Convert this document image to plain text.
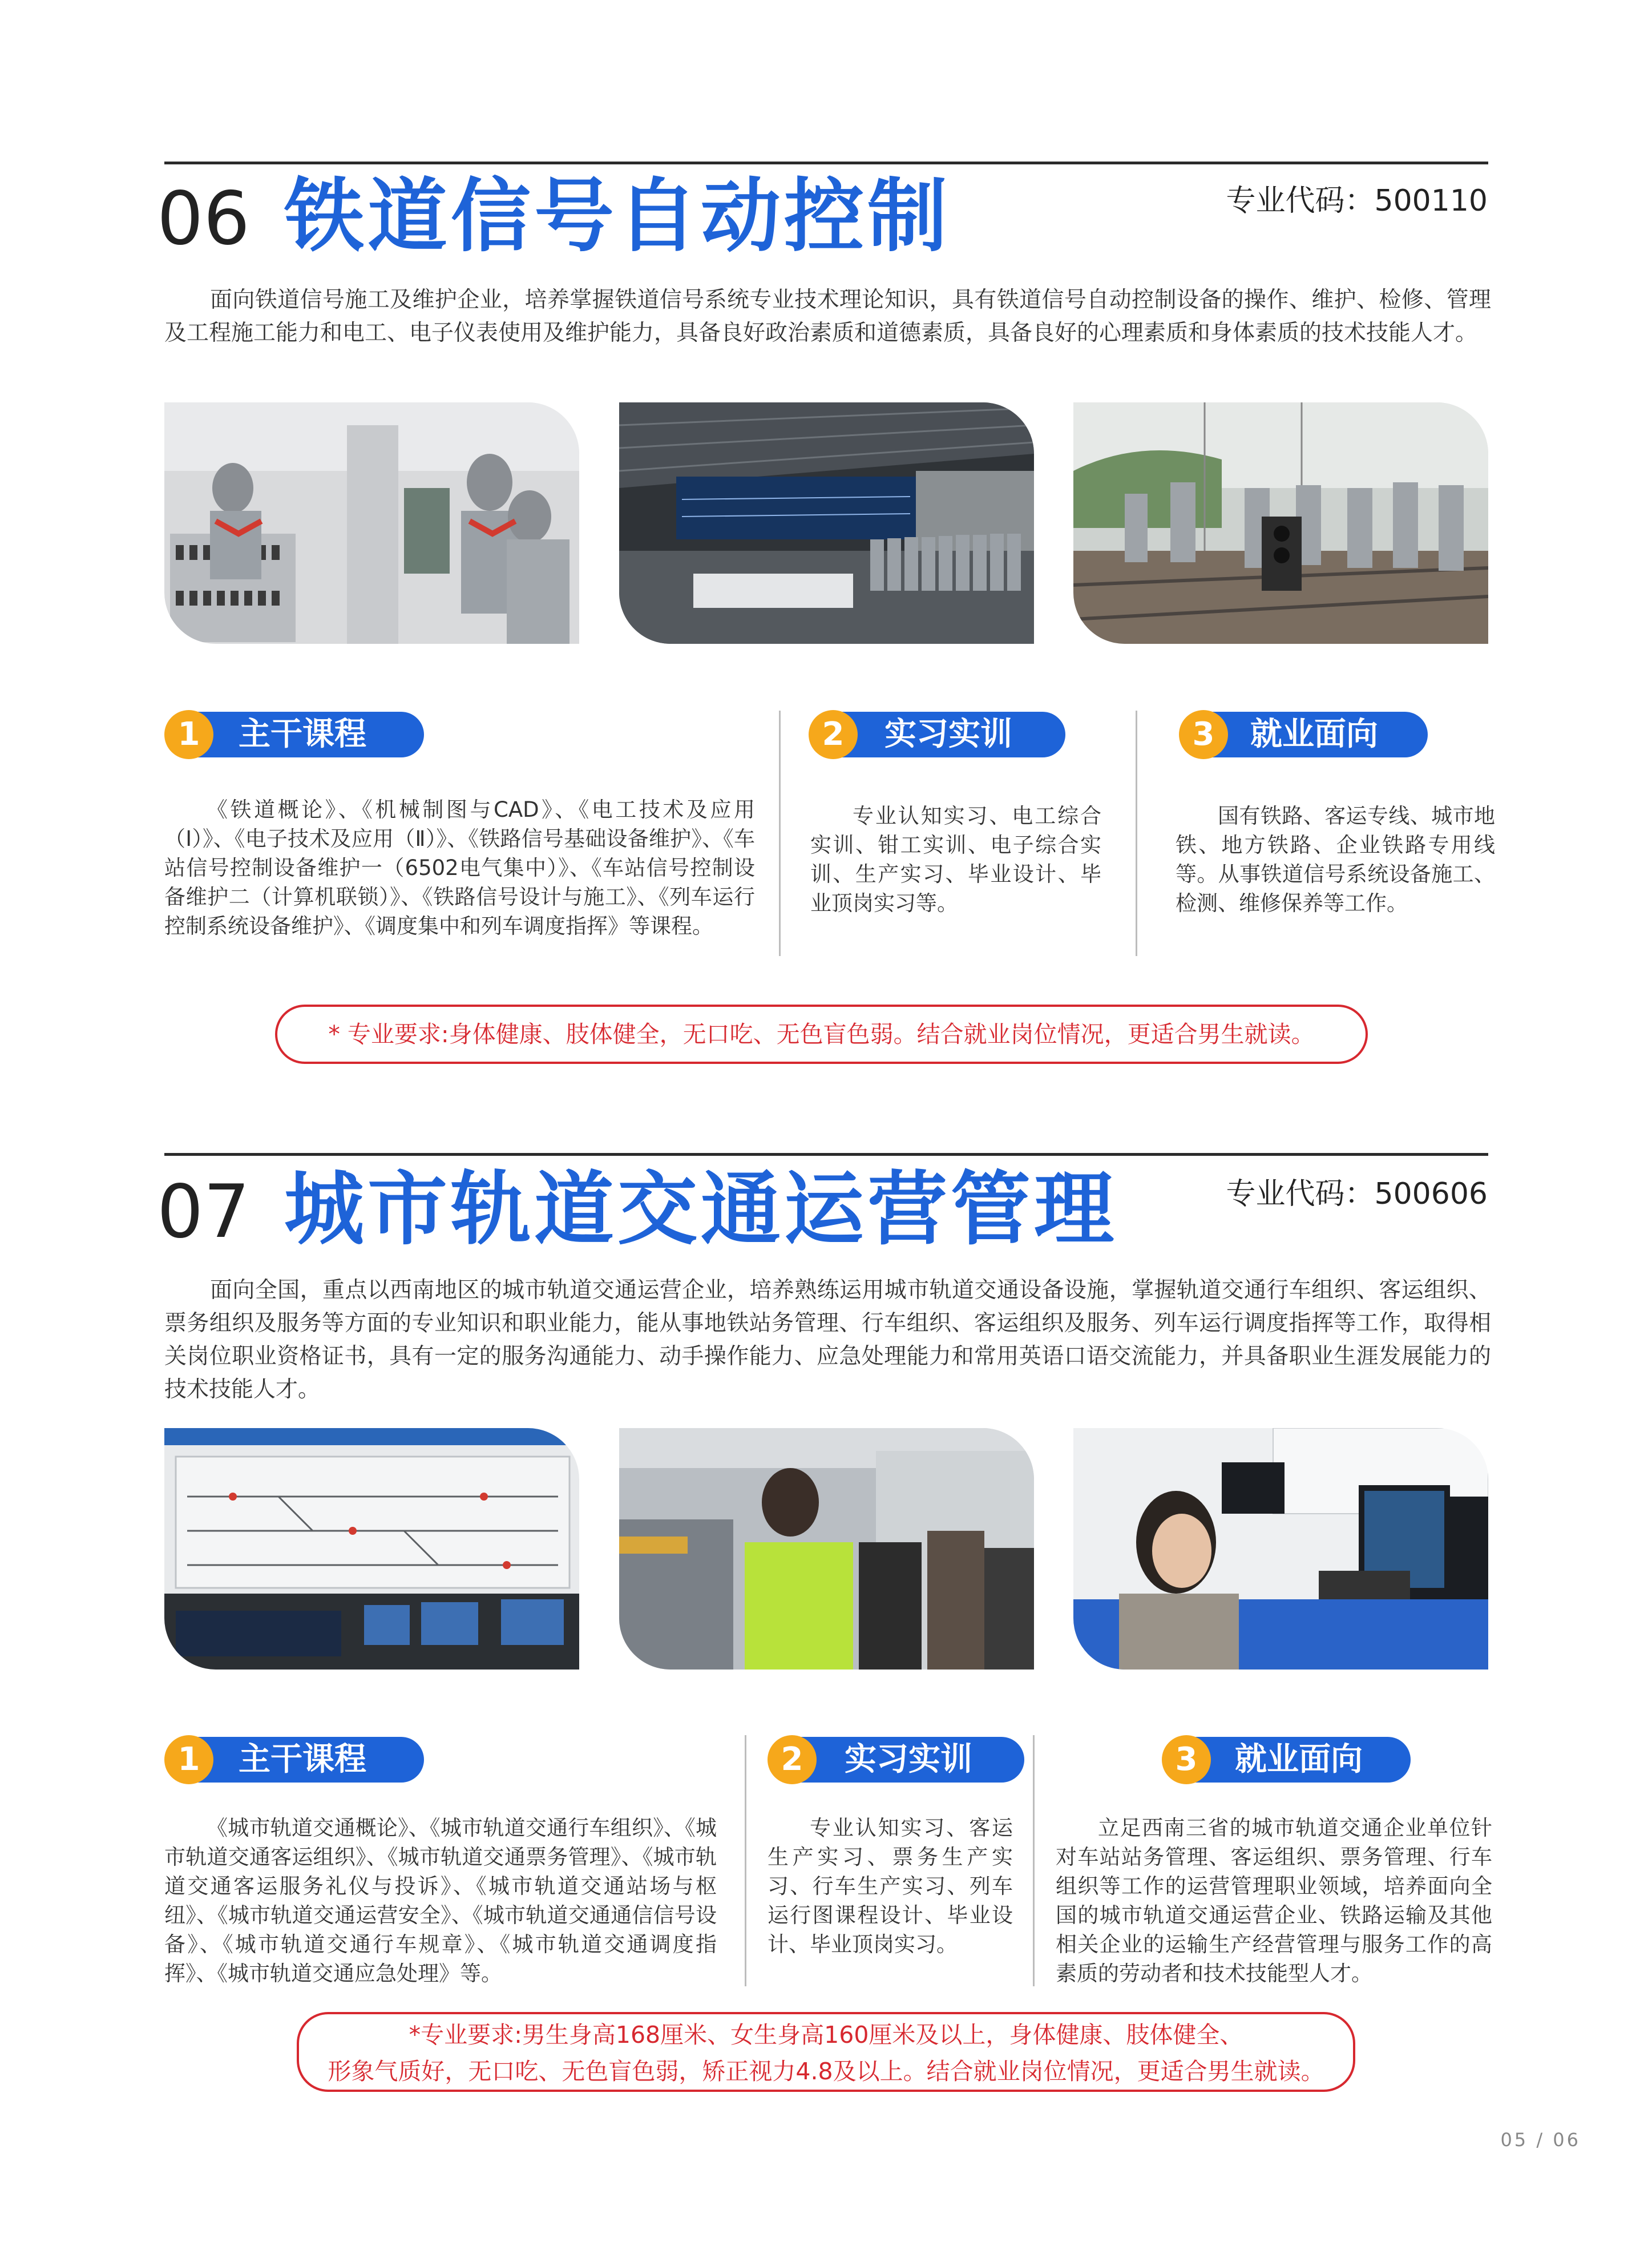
06 铁道信号自动控制	专业代码：500110
面向铁道信号施工及维护企业，培养掌握铁道信号系统专业技术理论知识，具有铁道信号自动控制设备的操作、维护、检修、管理及工程施工能力和电工、电子仪表使用及维护能力，具备良好政治素质和道德素质，具备良好的心理素质和身体素质的技术技能人才。
1	主干课程	2	实习实训	3	就业面向
《铁道概论》、《机械制图与CAD》、《电工技术及应用（Ⅰ）》、《电子技术及应用（Ⅱ）》、《铁路信号基础设备维护》、《车站信号控制设备维护一（6502电气集中）》、《车站信号控制设备维护二（计算机联锁）》、《铁路信号设计与施工》、《列车运行控制系统设备维护》、《调度集中和列车调度指挥》等课程。
专业认知实习、电工综合实训、钳工实训、电子综合实训、生产实习、毕业设计、毕业顶岗实习等。
国有铁路、客运专线、城市地铁、地方铁路、企业铁路专用线等。从事铁道信号系统设备施工、检测、维修保养等工作。
* 专业要求:身体健康、肢体健全，无口吃、无色盲色弱。结合就业岗位情况，更适合男生就读。
07 城市轨道交通运营管理	专业代码：500606
面向全国，重点以西南地区的城市轨道交通运营企业，培养熟练运用城市轨道交通设备设施，掌握轨道交通行车组织、客运组织、票务组织及服务等方面的专业知识和职业能力，能从事地铁站务管理、行车组织、客运组织及服务、列车运行调度指挥等工作，取得相关岗位职业资格证书，具有一定的服务沟通能力、动手操作能力、应急处理能力和常用英语口语交流能力，并具备职业生涯发展能力的技术技能人才。
1	主干课程	2	实习实训	3	就业面向
《城市轨道交通概论》、《城市轨道交通行车组织》、《城市轨道交通客运组织》、《城市轨道交通票务管理》、《城市轨道交通客运服务礼仪与投诉》、《城市轨道交通站场与枢纽》、《城市轨道交通运营安全》、《城市轨道交通通信信号设备》、《城市轨道交通行车规章》、《城市轨道交通调度指挥》、《城市轨道交通应急处理》等。
专业认知实习、客运生产实习、票务生产实习、行车生产实习、列车运行图课程设计、毕业设计、毕业顶岗实习。
立足西南三省的城市轨道交通企业单位针对车站站务管理、客运组织、票务管理、行车组织等工作的运营管理职业领域，培养面向全国的城市轨道交通运营企业、铁路运输及其他相关企业的运输生产经营管理与服务工作的高素质的劳动者和技术技能型人才。
*专业要求:男生身高168厘米、女生身高160厘米及以上，身体健康、肢体健全、
形象气质好，无口吃、无色盲色弱，矫正视力4.8及以上。结合就业岗位情况，更适合男生就读。
05 / 06
